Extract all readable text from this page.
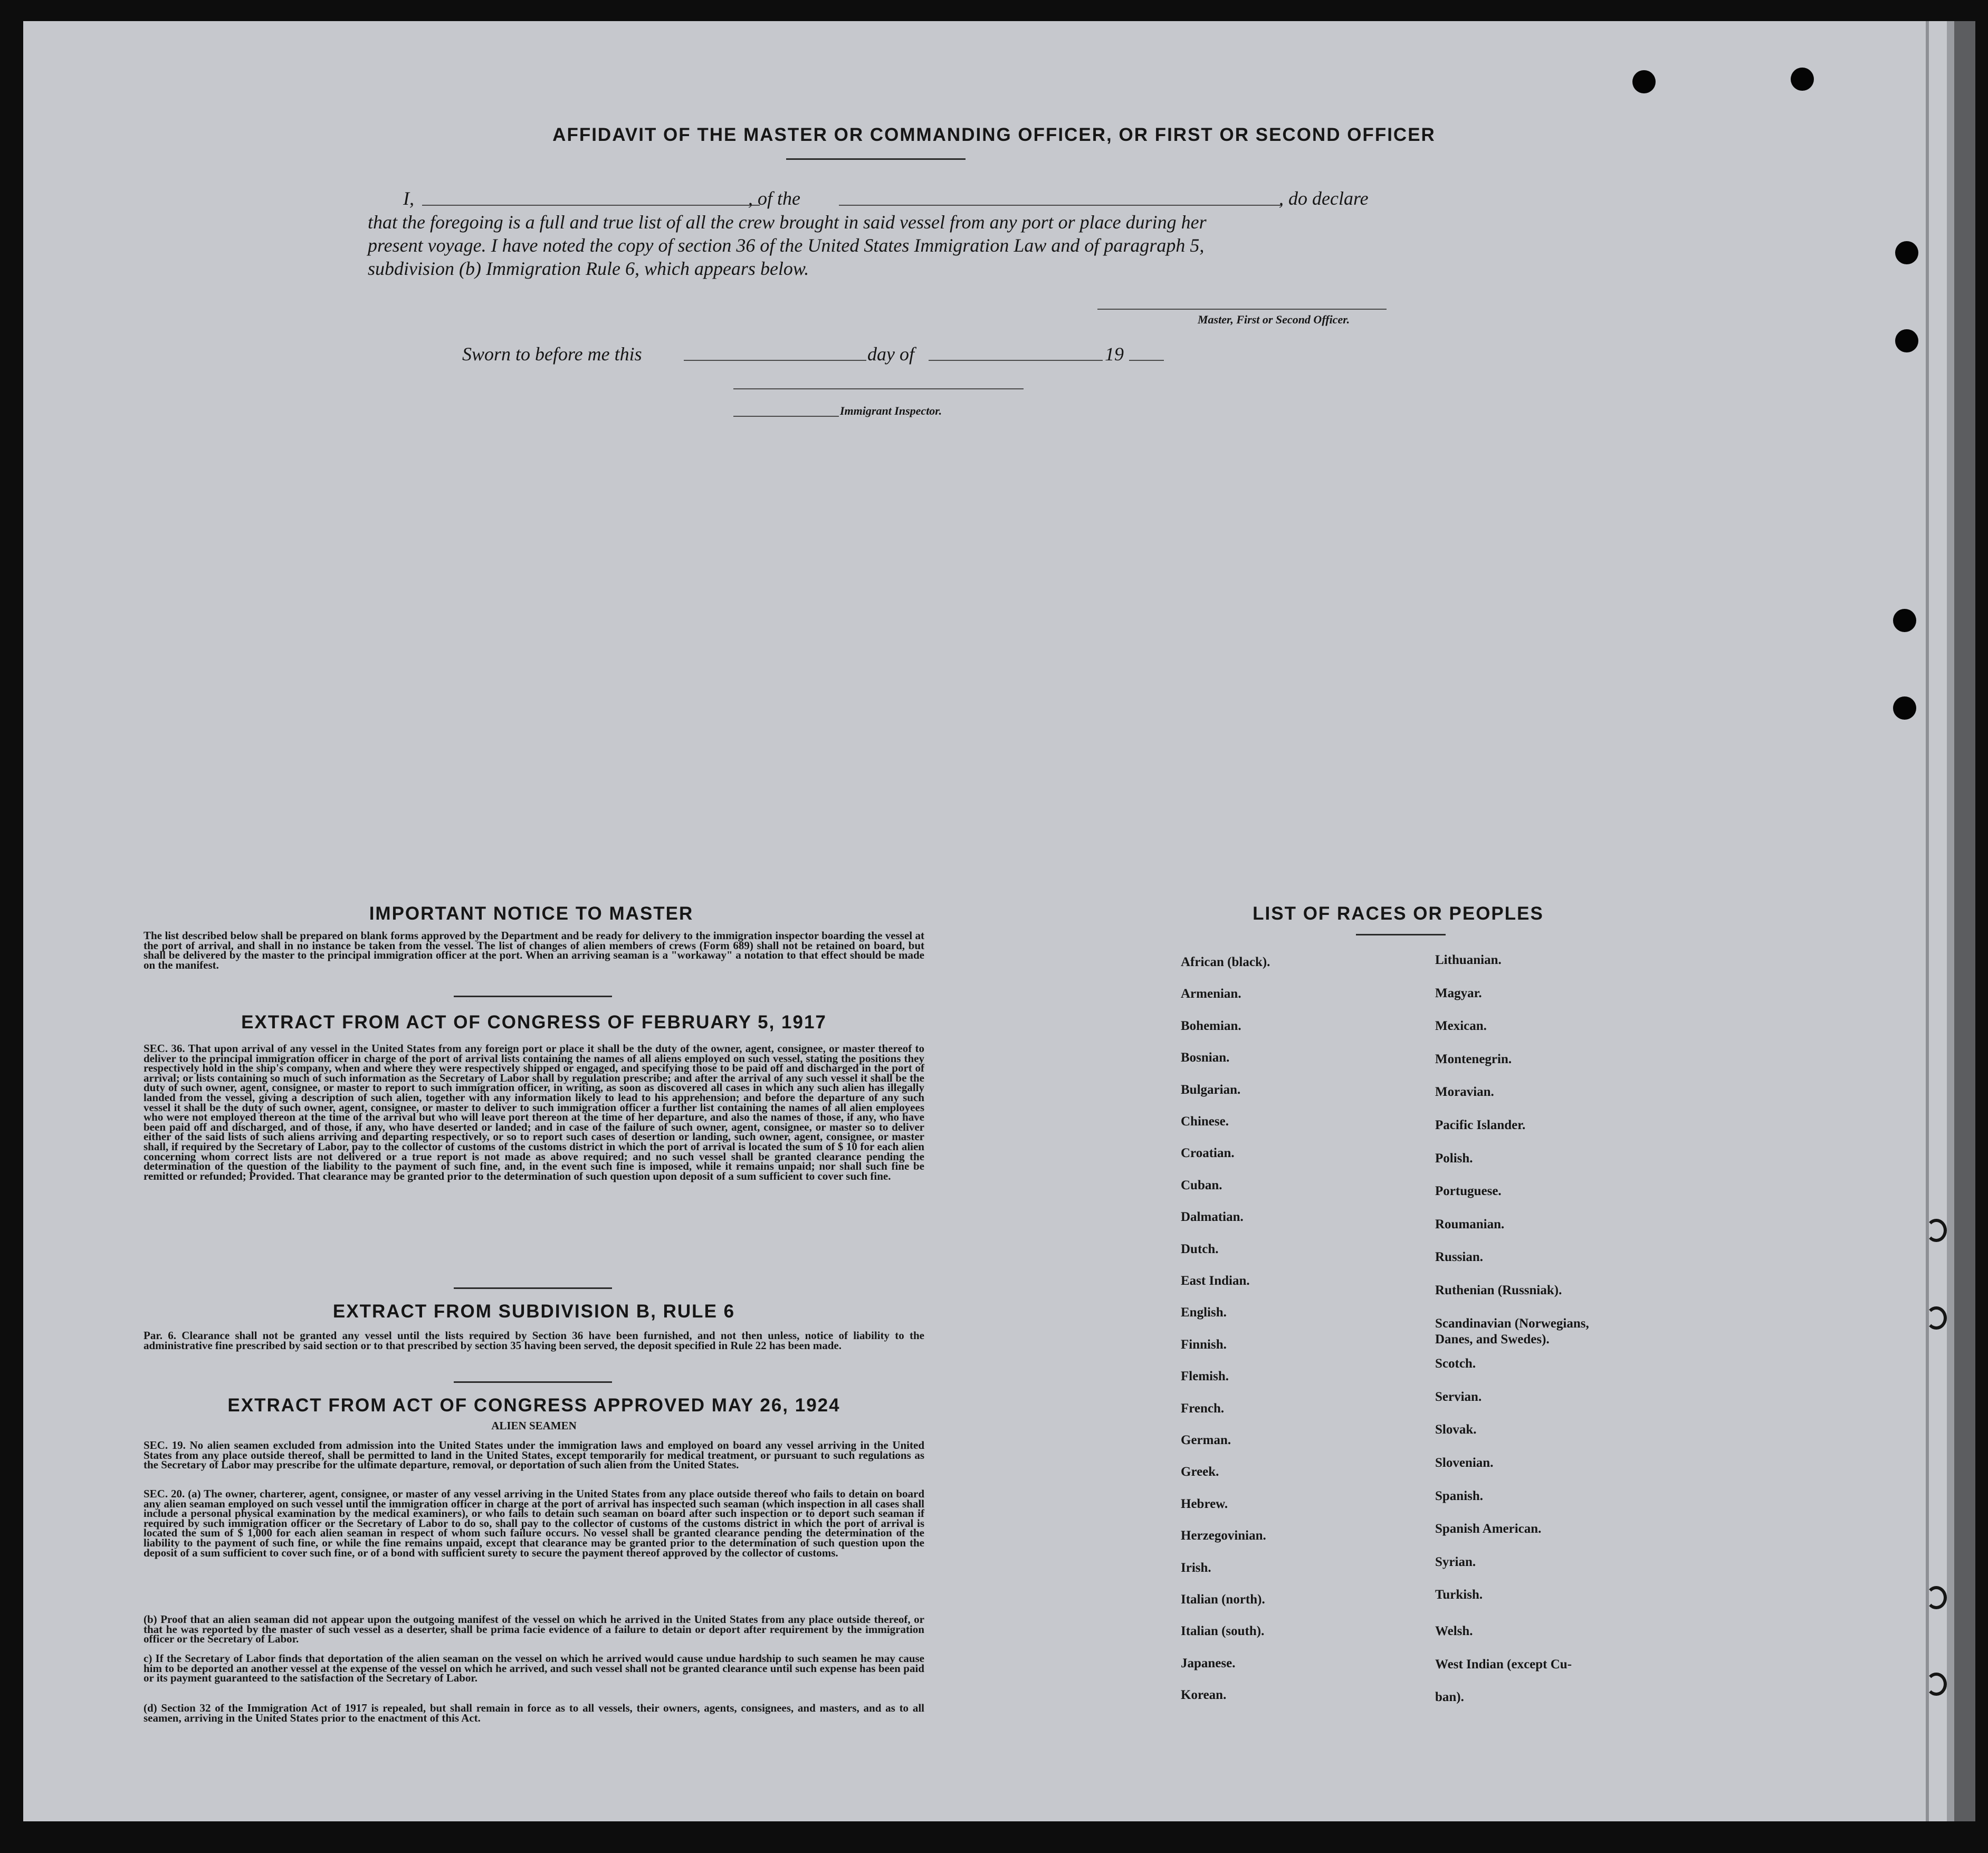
AFFIDAVIT OF THE MASTER OR COMMANDING OFFICER, OR FIRST OR SECOND OFFICER
I,	, of the	, do declare
that the foregoing is a full and true list of all the crew brought in said vessel from any port or place during her
present voyage. I have noted the copy of section 36 of the United States Immigration Law and of paragraph 5,
subdivision (b) Immigration Rule 6, which appears below.
Master, First or Second Officer.
Sworn to before me this	day of	19
Immigrant Inspector.
IMPORTANT NOTICE TO MASTER
The list described below shall be prepared on blank forms approved by the Department and be ready for delivery to the immigration inspector boarding the vessel at the port of arrival, and shall in no instance be taken from the vessel. The list of changes of alien members of crews (Form 689) shall not be retained on board, but shall be delivered by the master to the principal immigration officer at the port. When an arriving seaman is a "workaway" a notation to that effect should be made on the manifest.
EXTRACT FROM ACT OF CONGRESS OF FEBRUARY 5, 1917
SEC. 36. That upon arrival of any vessel in the United States from any foreign port or place it shall be the duty of the owner, agent, consignee, or master thereof to deliver to the principal immigration officer in charge of the port of arrival lists containing the names of all aliens employed on such vessel, stating the positions they respectively hold in the ship's company, when and where they were respectively shipped or engaged, and specifying those to be paid off and discharged in the port of arrival; or lists containing so much of such information as the Secretary of Labor shall by regulation prescribe; and after the arrival of any such vessel it shall be the duty of such owner, agent, consignee, or master to report to such immigration officer, in writing, as soon as discovered all cases in which any such alien has illegally landed from the vessel, giving a description of such alien, together with any information likely to lead to his apprehension; and before the departure of any such vessel it shall be the duty of such owner, agent, consignee, or master to deliver to such immigration officer a further list containing the names of all alien employees who were not employed thereon at the time of the arrival but who will leave port thereon at the time of her departure, and also the names of those, if any, who have been paid off and discharged, and of those, if any, who have deserted or landed; and in case of the failure of such owner, agent, consignee, or master so to deliver either of the said lists of such aliens arriving and departing respectively, or so to report such cases of desertion or landing, such owner, agent, consignee, or master shall, if required by the Secretary of Labor, pay to the collector of customs of the customs district in which the port of arrival is located the sum of $ 10 for each alien concerning whom correct lists are not delivered or a true report is not made as above required; and no such vessel shall be granted clearance pending the determination of the question of the liability to the payment of such fine, and, in the event such fine is imposed, while it remains unpaid; nor shall such fine be remitted or refunded; Provided. That clearance may be granted prior to the determination of such question upon deposit of a sum sufficient to cover such fine.
EXTRACT FROM SUBDIVISION B, RULE 6
Par. 6. Clearance shall not be granted any vessel until the lists required by Section 36 have been furnished, and not then unless, notice of liability to the administrative fine prescribed by said section or to that prescribed by section 35 having been served, the deposit specified in Rule 22 has been made.
EXTRACT FROM ACT OF CONGRESS APPROVED MAY 26, 1924
ALIEN SEAMEN
SEC. 19. No alien seamen excluded from admission into the United States under the immigration laws and employed on board any vessel arriving in the United States from any place outside thereof, shall be permitted to land in the United States, except temporarily for medical treatment, or pursuant to such regulations as the Secretary of Labor may prescribe for the ultimate departure, removal, or deportation of such alien from the United States.
SEC. 20. (a) The owner, charterer, agent, consignee, or master of any vessel arriving in the United States from any place outside thereof who fails to detain on board any alien seaman employed on such vessel until the immigration officer in charge at the port of arrival has inspected such seaman (which inspection in all cases shall include a personal physical examination by the medical examiners), or who fails to detain such seaman on board after such inspection or to deport such seaman if required by such immigration officer or the Secretary of Labor to do so, shall pay to the collector of customs of the customs district in which the port of arrival is located the sum of $ 1,000 for each alien seaman in respect of whom such failure occurs. No vessel shall be granted clearance pending the determination of the liability to the payment of such fine, or while the fine remains unpaid, except that clearance may be granted prior to the determination of such question upon the deposit of a sum sufficient to cover such fine, or of a bond with sufficient surety to secure the payment thereof approved by the collector of customs.
(b) Proof that an alien seaman did not appear upon the outgoing manifest of the vessel on which he arrived in the United States from any place outside thereof, or that he was reported by the master of such vessel as a deserter, shall be prima facie evidence of a failure to detain or deport after requirement by the immigration officer or the Secretary of Labor.
c) If the Secretary of Labor finds that deportation of the alien seaman on the vessel on which he arrived would cause undue hardship to such seamen he may cause him to be deported an another vessel at the expense of the vessel on which he arrived, and such vessel shall not be granted clearance until such expense has been paid or its payment guaranteed to the satisfaction of the Secretary of Labor.
(d) Section 32 of the Immigration Act of 1917 is repealed, but shall remain in force as to all vessels, their owners, agents, consignees, and masters, and as to all seamen, arriving in the United States prior to the enactment of this Act.
LIST OF RACES OR PEOPLES
African (black).
Armenian.
Bohemian.
Bosnian.
Bulgarian.
Chinese.
Croatian.
Cuban.
Dalmatian.
Dutch.
East Indian.
English.
Finnish.
Flemish.
French.
German.
Greek.
Hebrew.
Herzegovinian.
Irish.
Italian (north).
Italian (south).
Japanese.
Korean.
Lithuanian.
Magyar.
Mexican.
Montenegrin.
Moravian.
Pacific Islander.
Polish.
Portuguese.
Roumanian.
Russian.
Ruthenian (Russniak).
Scandinavian (Norwegians,
Danes, and Swedes).
Scotch.
Servian.
Slovak.
Slovenian.
Spanish.
Spanish American.
Syrian.
Turkish.
Welsh.
West Indian (except Cu-
ban).
